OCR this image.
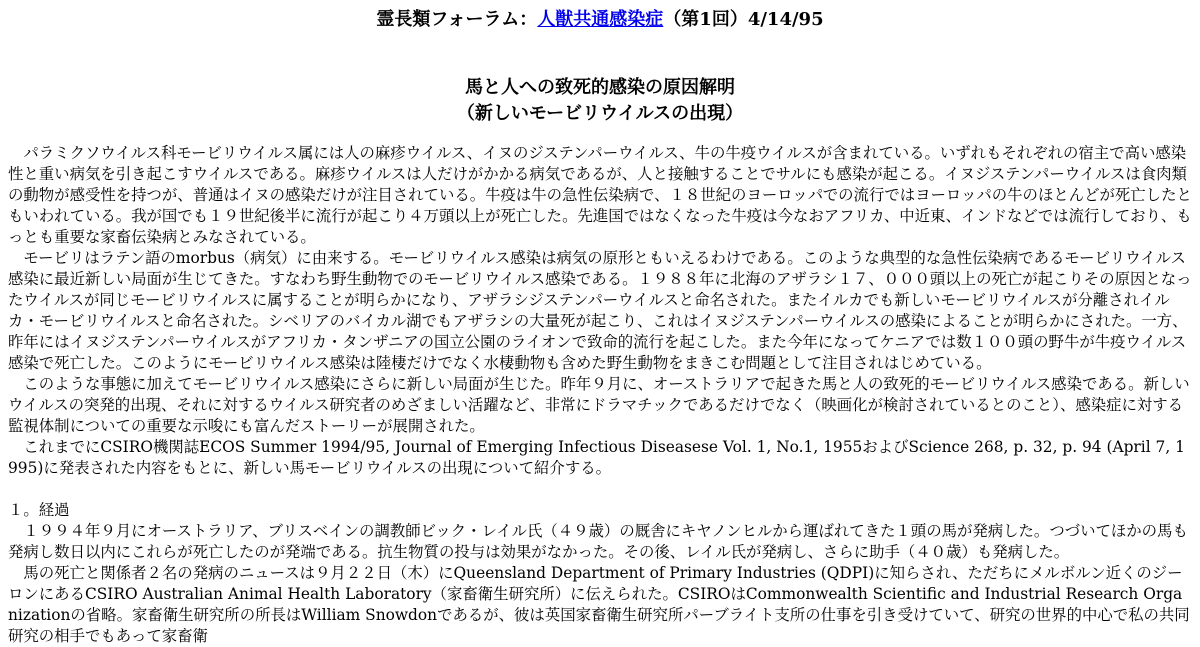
霊長類フォーラム：人獣共通感染症（第1回）4/14/95
馬と人への致死的感染の原因解明
（新しいモービリウイルスの出現）

パラミクソウイルス科モービリウイルス属には人の麻疹ウイルス、イヌのジステンパーウイルス、牛の牛疫ウイルスが含まれている。いずれもそれぞれの宿主で高い感染性と重い病気を引き起こすウイルスである。麻疹ウイルスは人だけがかかる病気であるが、人と接触することでサルにも感染が起こる。イヌジステンパーウイルスは食肉類の動物が感受性を持つが、普通はイヌの感染だけが注目されている。牛疫は牛の急性伝染病で、１８世紀のヨーロッパでの流行ではヨーロッパの牛のほとんどが死亡したともいわれている。我が国でも１９世紀後半に流行が起こり４万頭以上が死亡した。先進国ではなくなった牛疫は今なおアフリカ、中近東、インドなどでは流行しており、もっとも重要な家畜伝染病とみなされている。

モービリはラテン語のmorbus（病気）に由来する。モービリウイルス感染は病気の原形ともいえるわけである。このような典型的な急性伝染病であるモービリウイルス感染に最近新しい局面が生じてきた。すなわち野生動物でのモービリウイルス感染である。１９８８年に北海のアザラシ１７、０００頭以上の死亡が起こりその原因となったウイルスが同じモービリウイルスに属することが明らかになり、アザラシジステンパーウイルスと命名された。またイルカでも新しいモービリウイルスが分離されイルカ・モービリウイルスと命名された。シベリアのバイカル湖でもアザラシの大量死が起こり、これはイヌジステンパーウイルスの感染によることが明らかにされた。一方、昨年にはイヌジステンパーウイルスがアフリカ・タンザニアの国立公園のライオンで致命的流行を起こした。また今年になってケニアでは数１００頭の野牛が牛疫ウイルス感染で死亡した。このようにモービリウイルス感染は陸棲だけでなく水棲動物も含めた野生動物をまきこむ問題として注目されはじめている。

このような事態に加えてモービリウイルス感染にさらに新しい局面が生じた。昨年９月に、オーストラリアで起きた馬と人の致死的モービリウイルス感染である。新しいウイルスの突発的出現、それに対するウイルス研究者のめざましい活躍など、非常にドラマチックであるだけでなく（映画化が検討されているとのこと）、感染症に対する監視体制についての重要な示唆にも富んだストーリーが展開された。

これまでにCSIRO機関誌ECOS Summer 1994/95, Journal of Emerging Infectious Diseasese Vol. 1, No.1, 1955およびScience 268, p. 32, p. 94 (April 7, 1995)に発表された内容をもとに、新しい馬モービリウイルスの出現について紹介する。

１。経過

１９９４年９月にオーストラリア、ブリスベインの調教師ビック・レイル氏（４９歳）の厩舎にキヤノンヒルから運ばれてきた１頭の馬が発病した。つづいてほかの馬も発病し数日以内にこれらが死亡したのが発端である。抗生物質の投与は効果がなかった。その後、レイル氏が発病し、さらに助手（４０歳）も発病した。

馬の死亡と関係者２名の発病のニュースは９月２２日（木）にQueensland Department of Primary Industries (QDPI)に知らされ、ただちにメルボルン近くのジーロンにあるCSIRO Australian Animal Health Laboratory（家畜衛生研究所）に伝えられた。CSIROはCommonwealth Scientific and Industrial Research Organizationの省略。家畜衛生研究所の所長はWilliam Snowdonであるが、彼は英国家畜衛生研究所パーブライト支所の仕事を引き受けていて、研究の世界的中心で私の共同研究の相手でもあって家畜衛
